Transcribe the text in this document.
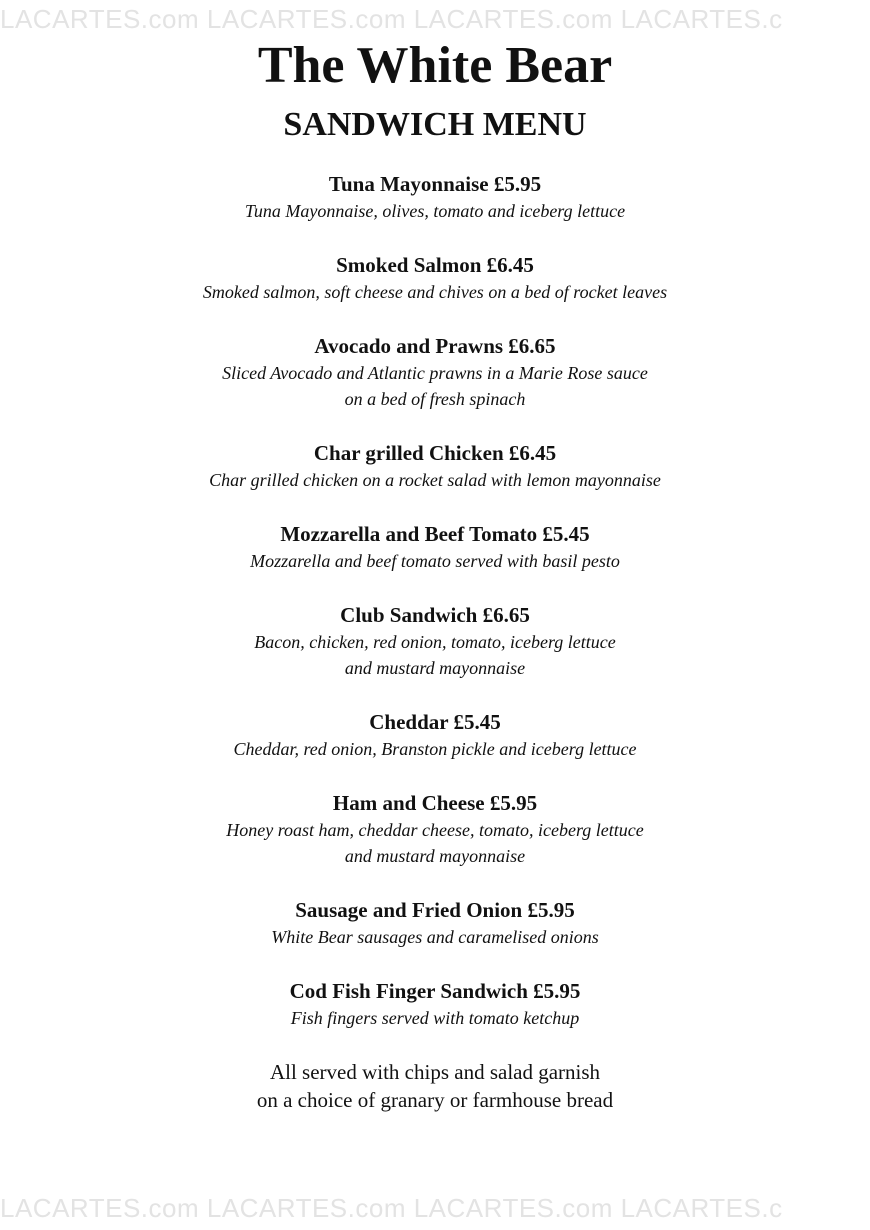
LACARTES.com LACARTES.com LACARTES.com LACARTES.c
The White Bear
SANDWICH MENU
Tuna Mayonnaise £5.95
Tuna Mayonnaise, olives, tomato and iceberg lettuce
Smoked Salmon £6.45
Smoked salmon, soft cheese and chives on a bed of rocket leaves
Avocado and Prawns £6.65
Sliced Avocado and Atlantic prawns in a Marie Rose sauce
on a bed of fresh spinach
Char grilled Chicken £6.45
Char grilled chicken on a rocket salad with lemon mayonnaise
Mozzarella and Beef Tomato £5.45
Mozzarella and beef tomato served with basil pesto
Club Sandwich £6.65
Bacon, chicken, red onion, tomato, iceberg lettuce
and mustard mayonnaise
Cheddar £5.45
Cheddar, red onion, Branston pickle and iceberg lettuce
Ham and Cheese £5.95
Honey roast ham, cheddar cheese, tomato, iceberg lettuce
and mustard mayonnaise
Sausage and Fried Onion £5.95
White Bear sausages and caramelised onions
Cod Fish Finger Sandwich £5.95
Fish fingers served with tomato ketchup
All served with chips and salad garnish
on a choice of granary or farmhouse bread
LACARTES.com LACARTES.com LACARTES.com LACARTES.c
